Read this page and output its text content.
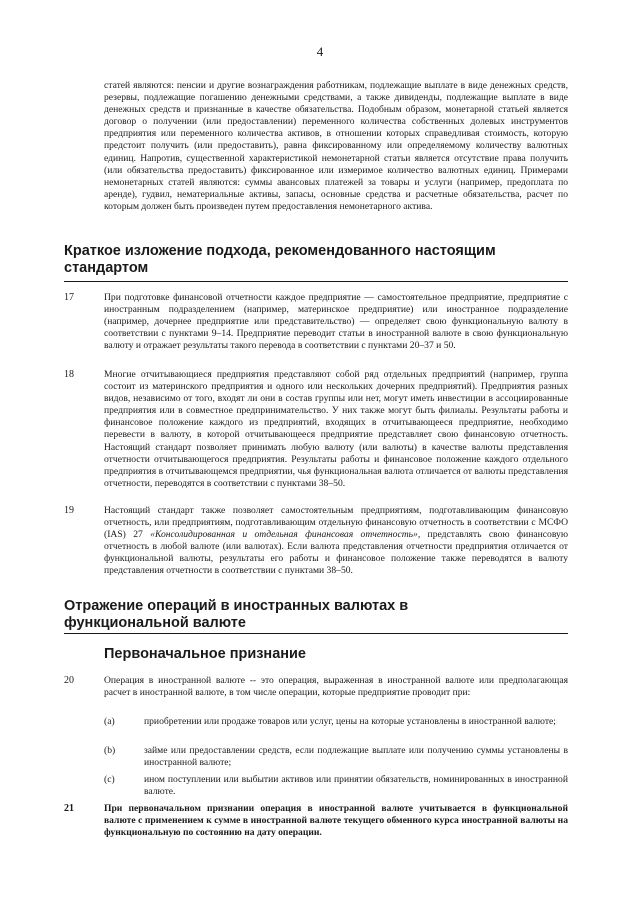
4

статей являются: пенсии и другие вознаграждения работникам, подлежащие выплате в виде денежных средств, резервы, подлежащие погашению денежными средствами, а также дивиденды, подлежащие выплате в виде денежных средств и признанные в качестве обязательства. Подобным образом, монетарной статьей является договор о получении (или предоставлении) переменного количества собственных долевых инструментов предприятия или переменного количества активов, в отношении которых справедливая стоимость, которую предстоит получить (или предоставить), равна фиксированному или определяемому количеству валютных единиц. Напротив, существенной характеристикой немонетарной статьи является отсутствие права получить (или обязательства предоставить) фиксированное или измеримое количество валютных единиц. Примерами немонетарных статей являются: суммы авансовых платежей за товары и услуги (например, предоплата по аренде), гудвил, нематериальные активы, запасы, основные средства и расчетные обязательства, расчет по которым должен быть произведен путем предоставления немонетарного актива.

Краткое изложение подхода, рекомендованного настоящим стандартом
17	При подготовке финансовой отчетности каждое предприятие — самостоятельное предприятие, предприятие с иностранным подразделением (например, материнское предприятие) или иностранное подразделение (например, дочернее предприятие или представительство) — определяет свою функциональную валюту в соответствии с пунктами 9–14. Предприятие переводит статьи в иностранной валюте в свою функциональную валюту и отражает результаты такого перевода в соответствии с пунктами 20–37 и 50.

18	Многие отчитывающиеся предприятия представляют собой ряд отдельных предприятий (например, группа состоит из материнского предприятия и одного или нескольких дочерних предприятий). Предприятия разных видов, независимо от того, входят ли они в состав группы или нет, могут иметь инвестиции в ассоциированные предприятия или в совместное предпринимательство. У них также могут быть филиалы. Результаты работы и финансовое положение каждого из предприятий, входящих в отчитывающееся предприятие, необходимо перевести в валюту, в которой отчитывающееся предприятие представляет свою финансовую отчетность. Настоящий стандарт позволяет принимать любую валюту (или валюты) в качестве валюты представления отчетности отчитывающегося предприятия. Результаты работы и финансовое положение каждого отдельного предприятия в отчитывающемся предприятии, чья функциональная валюта отличается от валюты представления отчетности, переводятся в соответствии с пунктами 38–50.

19	Настоящий стандарт также позволяет самостоятельным предприятиям, подготавливающим финансовую отчетность, или предприятиям, подготавливающим отдельную финансовую отчетность в соответствии с МСФО (IAS) 27 «Консолидированная и отдельная финансовая отчетность», представлять свою финансовую отчетность в любой валюте (или валютах). Если валюта представления отчетности предприятия отличается от функциональной валюты, результаты его работы и финансовое положение также переводятся в валюту представления отчетности в соответствии с пунктами 38–50.

Отражение операций в иностранных валютах в функциональной валюте
Первоначальное признание
20	Операция в иностранной валюте -- это операция, выраженная в иностранной валюте или предполагающая расчет в иностранной валюте, в том числе операции, которые предприятие проводит при:

(a)	приобретении или продаже товаров или услуг, цены на которые установлены в иностранной валюте;

(b)	займе или предоставлении средств, если подлежащие выплате или получению суммы установлены в иностранной валюте;

(c)	ином поступлении или выбытии активов или принятии обязательств, номинированных в иностранной валюте.

21	При первоначальном признании операция в иностранной валюте учитывается в функциональной валюте с применением к сумме в иностранной валюте текущего обменного курса иностранной валюты на функциональную по состоянию на дату операции.
